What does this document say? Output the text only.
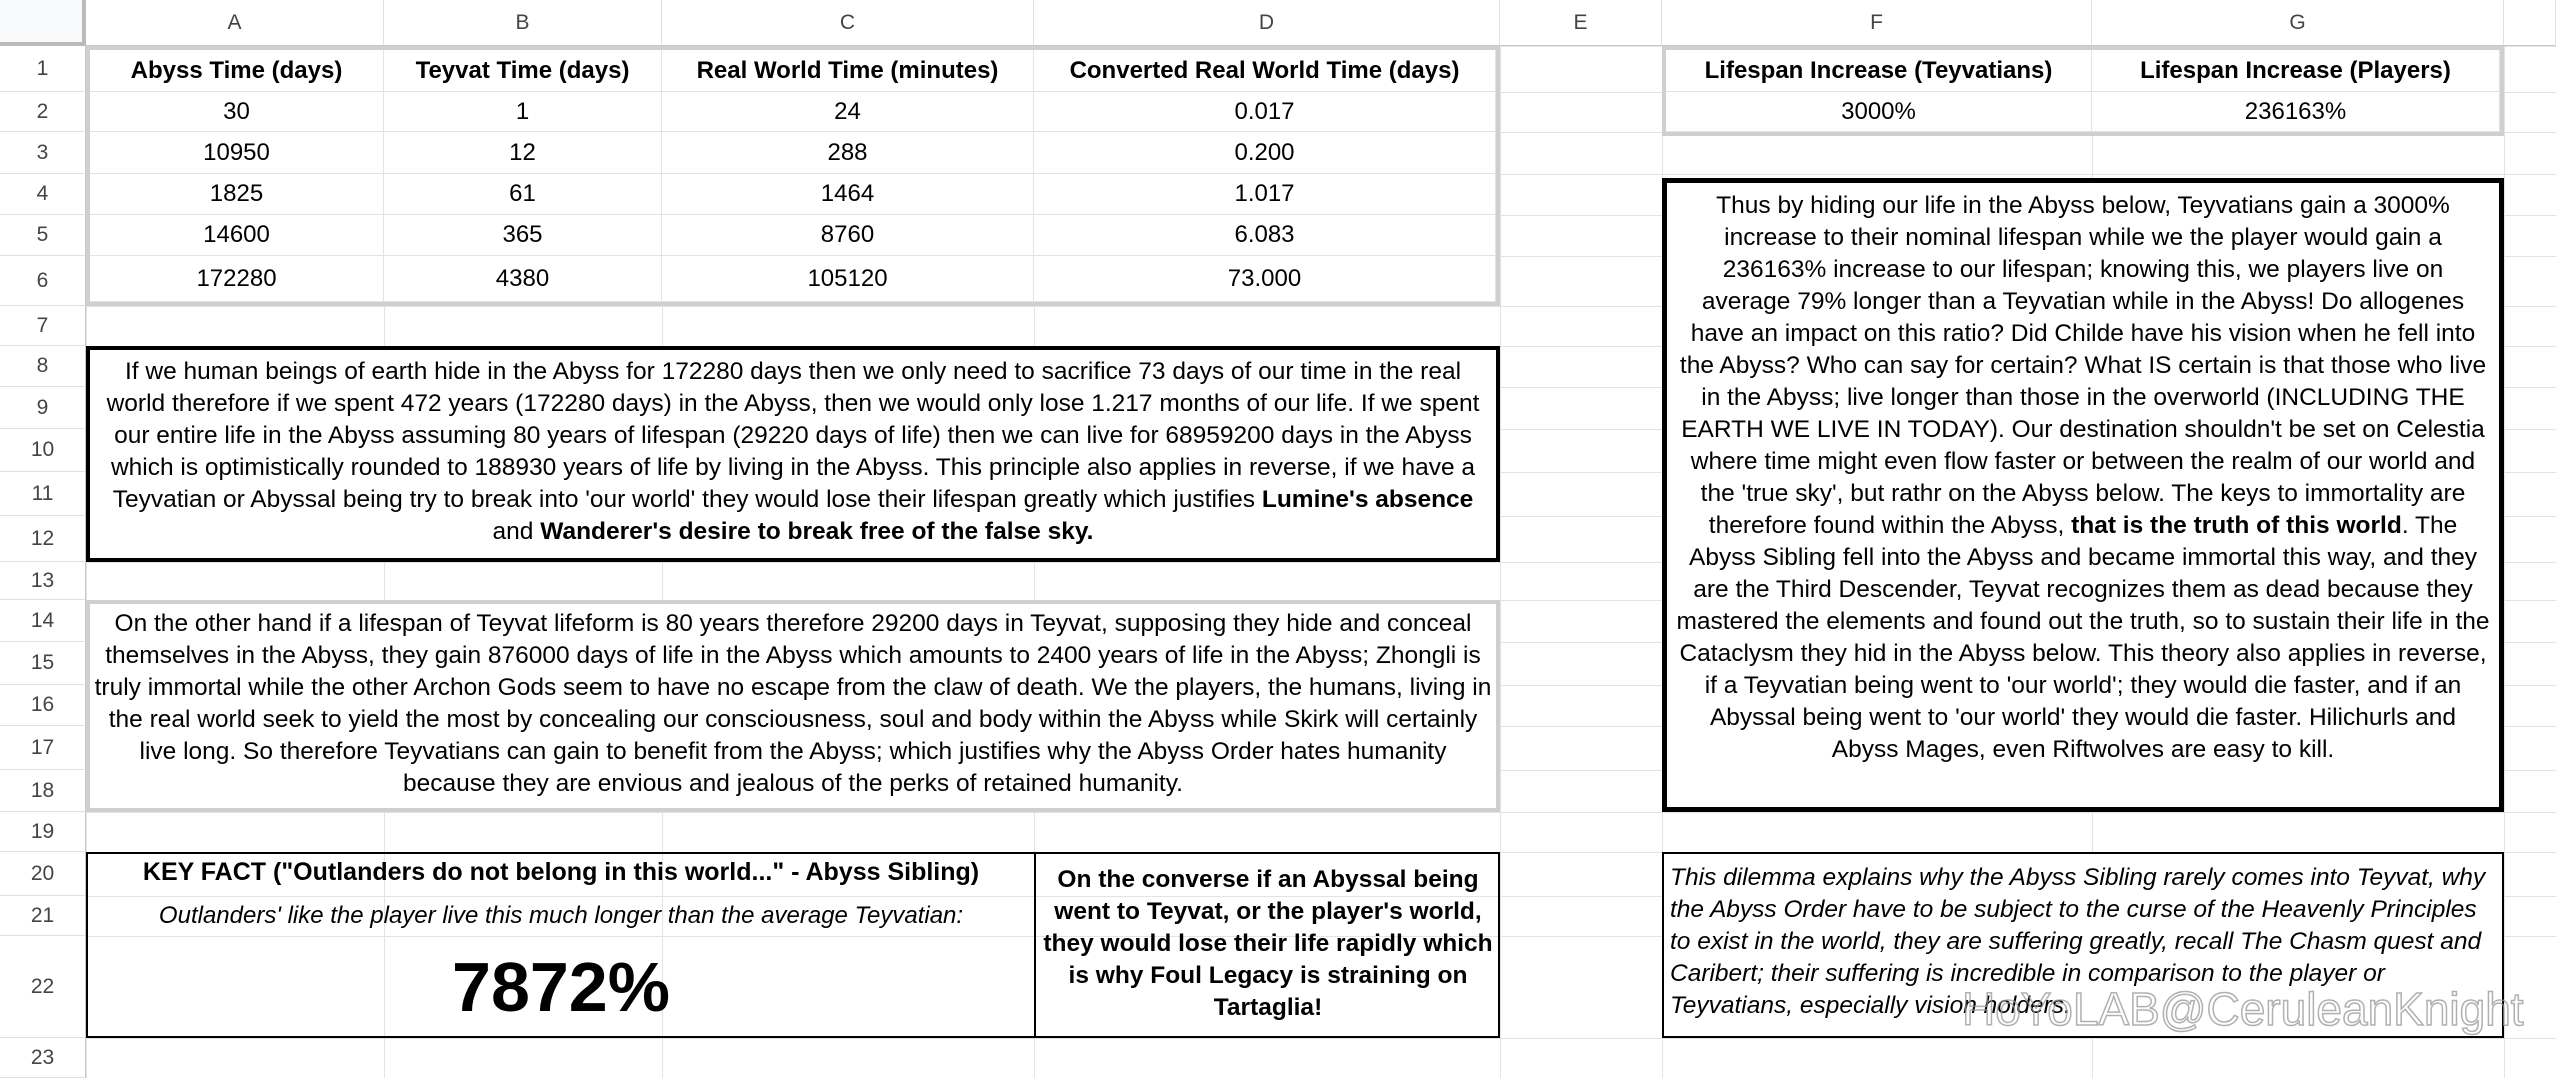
A	B	C	D	E	F	G
1
2
3
4
5
6
7
8
9
10
11
12
13
14
15
16
17
18
19
20
21
22
23
Abyss Time (days)	Teyvat Time (days)	Real World Time (minutes)	Converted Real World Time (days)
30	1	24	0.017
10950	12	288	0.200
1825	61	1464	1.017
14600	365	8760	6.083
172280	4380	105120	73.000
Lifespan Increase (Teyvatians)	Lifespan Increase (Players)
3000%	236163%
If we human beings of earth hide in the Abyss for 172280 days then we only need to sacrifice 73 days of our time in the real world therefore if we spent 472 years (172280 days) in the Abyss, then we would only lose 1.217 months of our life. If we spent our entire life in the Abyss assuming 80 years of lifespan (29220 days of life) then we can live for 68959200 days in the Abyss which is optimistically rounded to 188930 years of life by living in the Abyss. This principle also applies in reverse, if we have a Teyvatian or Abyssal being try to break into 'our world' they would lose their lifespan greatly which justifies Lumine's absence and Wanderer's desire to break free of the false sky.
On the other hand if a lifespan of Teyvat lifeform is 80 years therefore 29200 days in Teyvat, supposing they hide and conceal themselves in the Abyss, they gain 876000 days of life in the Abyss which amounts to 2400 years of life in the Abyss; Zhongli is truly immortal while the other Archon Gods seem to have no escape from the claw of death. We the players, the humans, living in the real world seek to yield the most by concealing our consciousness, soul and body within the Abyss while Skirk will certainly live long. So therefore Teyvatians can gain to benefit from the Abyss; which justifies why the Abyss Order hates humanity because they are envious and jealous of the perks of retained humanity.
Thus by hiding our life in the Abyss below, Teyvatians gain a 3000% increase to their nominal lifespan while we the player would gain a 236163% increase to our lifespan; knowing this, we players live on average 79% longer than a Teyvatian while in the Abyss! Do allogenes have an impact on this ratio? Did Childe have his vision when he fell into the Abyss? Who can say for certain? What IS certain is that those who live in the Abyss; live longer than those in the overworld (INCLUDING THE EARTH WE LIVE IN TODAY). Our destination shouldn't be set on Celestia where time might even flow faster or between the realm of our world and the 'true sky', but rathr on the Abyss below. The keys to immortality are therefore found within the Abyss, that is the truth of this world. The Abyss Sibling fell into the Abyss and became immortal this way, and they are the Third Descender, Teyvat recognizes them as dead because they mastered the elements and found out the truth, so to sustain their life in the Cataclysm they hid in the Abyss below. This theory also applies in reverse, if a Teyvatian being went to 'our world'; they would die faster, and if an Abyssal being went to 'our world' they would die faster. Hilichurls and Abyss Mages, even Riftwolves are easy to kill.
KEY FACT ("Outlanders do not belong in this world..." - Abyss Sibling)
Outlanders' like the player live this much longer than the average Teyvatian:
7872%
On the converse if an Abyssal being went to Teyvat, or the player's world, they would lose their life rapidly which is why Foul Legacy is straining on Tartaglia!
This dilemma explains why the Abyss Sibling rarely comes into Teyvat, why the Abyss Order have to be subject to the curse of the Heavenly Principles to exist in the world, they are suffering greatly, recall The Chasm quest and Caribert; their suffering is incredible in comparison to the player or Teyvatians, especially vision holders.
HoYoLAB@CeruleanKnight
